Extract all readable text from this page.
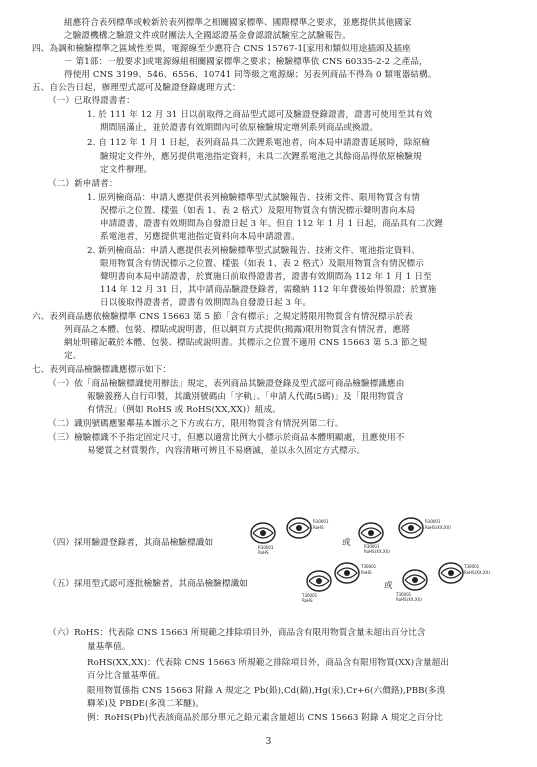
組應符合表列標準或較新於表列標準之相關國家標準、國際標準之要求，並應提供其他國家
之驗證機構之驗證文件或財團法人全國認證基金會認證試驗室之試驗報告。
四、為調和檢驗標準之區域性差異，電源線至少應符合 CNS 15767-1[家用和類似用途插頭及插座
－ 第1部：一般要求]或電源線組相關國家標準之要求；檢驗標準依 CNS 60335-2-2 之產品，
得使用 CNS 3199、546、6556、10741 同等級之電源線；另表列商品不得為 0 類電器結構。
五、自公告日起，辦理型式認可及驗證登錄處理方式：
（一）已取得證書者：
1. 於 111 年 12 月 31 日以前取得之商品型式認可及驗證登錄證書，證書可使用至其有效
期間屆滿止，並於證書有效期間內可依原檢驗規定增列系列商品或換證。
2. 自 112 年 1 月 1 日起，表列商品具二次鋰系電池者，向本局申請證書延展時，除原檢
驗規定文件外，應另提供電池指定資料，未具二次鋰系電池之其餘商品得依原檢驗規
定文件辦理。
（二）新申請者：
1. 原列檢商品：申請人應提供表列檢驗標準型式試驗報告、技術文件、限用物質含有情
況標示之位置、樣張（如表 1、表 2 格式）及限用物質含有情況標示聲明書向本局
申請證書，證書有效期間為自發證日起 3 年。但自 112 年 1 月 1 日起，商品具有二次鋰
系電池者，另應提供電池指定資料向本局申請證書。
2. 新列檢商品：申請人應提供表列檢驗標準型式試驗報告、技術文件、電池指定資料、
限用物質含有情況標示之位置、樣張（如表 1、表 2 格式）及限用物質含有情況標示
聲明書向本局申請證書，於實施日前取得證書者，證書有效期間為 112 年 1 月 1 日至
114 年 12 月 31 日，其中請商品驗證登錄者，需繳納 112 年年費後始得領證；於實施
日以後取得證書者，證書有效期間為自發證日起 3 年。
六、表列商品應依檢驗標準 CNS 15663 第 5 節「含有標示」之規定將限用物質含有情況標示於表
列商品之本體、包裝、標貼或說明書，但以網頁方式提供(揭露)限用物質含有情況者，應將
網址明確記載於本體、包裝、標貼或說明書。其標示之位置不適用 CNS 15663 第 5.3 節之規
定。
七、表列商品檢驗標識應標示如下：
（一）依「商品檢驗標識使用辦法」規定，表列商品其驗證登錄及型式認可商品檢驗標識應由
報驗義務人自行印製，其識別號碼由「字軌」、「申請人代碼(5碼)」及「限用物質含
有情況」（例如 RoHS 或 RoHS(XX,XX)）組成。
（二）識別號碼應緊鄰基本圖示之下方或右方，限用物質含有情況列第二行。
（三）檢驗標識不予指定固定尺寸，但應以適當比例大小標示於商品本體明顯處，且應使用不
易變質之材質製作，內容清晰可辨且不易磨滅，並以永久固定方式標示。
（四）採用驗證登錄者，其商品檢驗標識如
（五）採用型式認可逐批檢驗者，其商品檢驗標識如
（六）RoHS：代表除 CNS 15663 所規範之排除項目外，商品含有限用物質含量未超出百分比含
量基準值。
RoHS(XX,XX)：代表除 CNS 15663 所規範之排除項目外，商品含有限用物質(XX)含量超出
百分比含量基準值。
限用物質係指 CNS 15663 附錄 A 規定之 Pb(鉛),Cd(鎘),Hg(汞),Cr+6(六價鉻),PBB(多溴
聯苯)及 PBDE(多溴二苯醚)。
例：RoHS(Pb)代表該商品於部分單元之鉛元素含量超出 CNS 15663 附錄 A 規定之百分比
R30001
RoHS
R30001
RoHS
或	R30001
RoHS(XX,XX)
R30001
RoHS(XX,XX)
T30001
RoHS
T30001
RoHS
或
T30001
RoHS(XX,XX)
T30001
RoHS(XX,XX)
3
